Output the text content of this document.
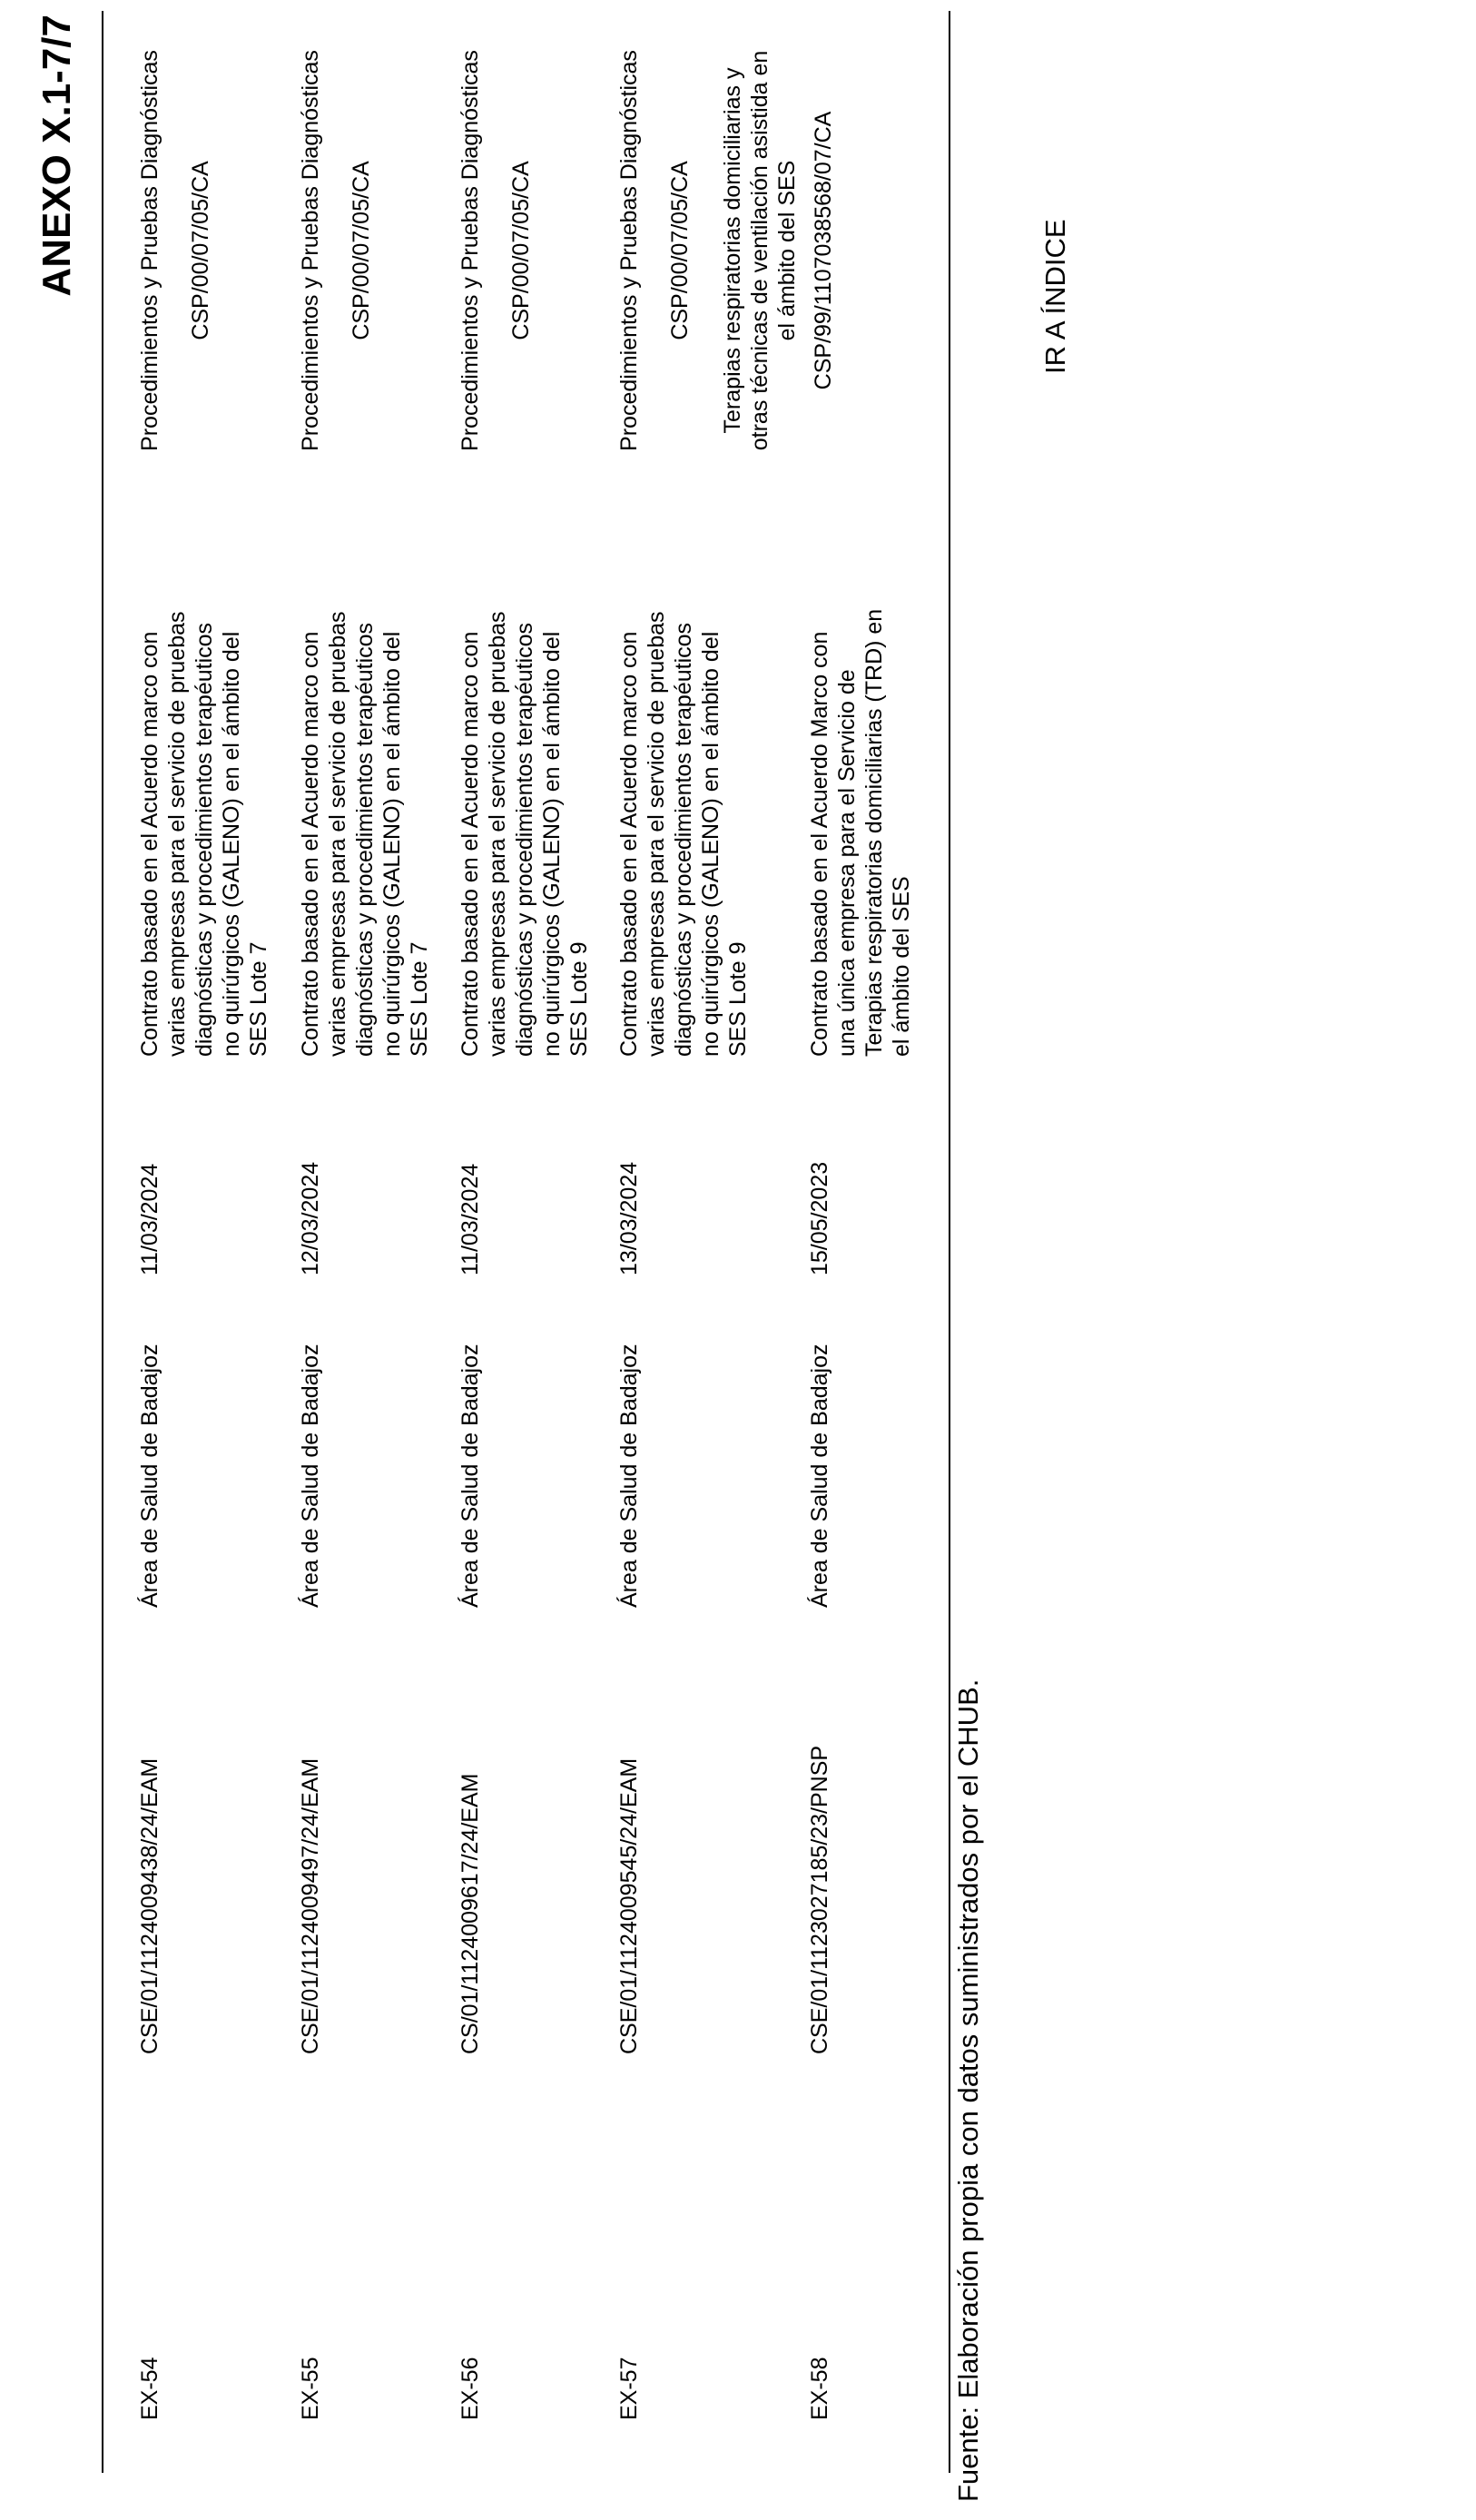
ANEXO X.1-7/7
EX-54
CSE/01/1124009438/24/EAM
Área de Salud de Badajoz
11/03/2024
Contrato basado en el Acuerdo marco con varias empresas para el servicio de pruebas diagnósticas y procedimientos terapéuticos no quirúrgicos (GALENO) en el ámbito del SES Lote 7
Procedimientos y Pruebas Diagnósticas CSP/00/07/05/CA
EX-55
CSE/01/1124009497/24/EAM
Área de Salud de Badajoz
12/03/2024
Contrato basado en el Acuerdo marco con varias empresas para el servicio de pruebas diagnósticas y procedimientos terapéuticos no quirúrgicos (GALENO) en el ámbito del SES Lote 7
Procedimientos y Pruebas Diagnósticas CSP/00/07/05/CA
EX-56
CS/01/1124009617/24/EAM
Área de Salud de Badajoz
11/03/2024
Contrato basado en el Acuerdo marco con varias empresas para el servicio de pruebas diagnósticas y procedimientos terapéuticos no quirúrgicos (GALENO) en el ámbito del SES Lote 9
Procedimientos y Pruebas Diagnósticas CSP/00/07/05/CA
EX-57
CSE/01/1124009545/24/EAM
Área de Salud de Badajoz
13/03/2024
Contrato basado en el Acuerdo marco con varias empresas para el servicio de pruebas diagnósticas y procedimientos terapéuticos no quirúrgicos (GALENO) en el ámbito del SES Lote 9
Procedimientos y Pruebas Diagnósticas CSP/00/07/05/CA
EX-58
CSE/01/1123027185/23/PNSP
Área de Salud de Badajoz
15/05/2023
Contrato basado en el Acuerdo Marco con una única empresa para el Servicio de Terapias respiratorias domiciliarias (TRD) en el ámbito del SES
Terapias respiratorias domiciliarias y otras técnicas de ventilación asistida en el ámbito del SES CSP/99/1107038568/07/CA
Fuente: Elaboración propia con datos suministrados por el CHUB.
IR A ÍNDICE
